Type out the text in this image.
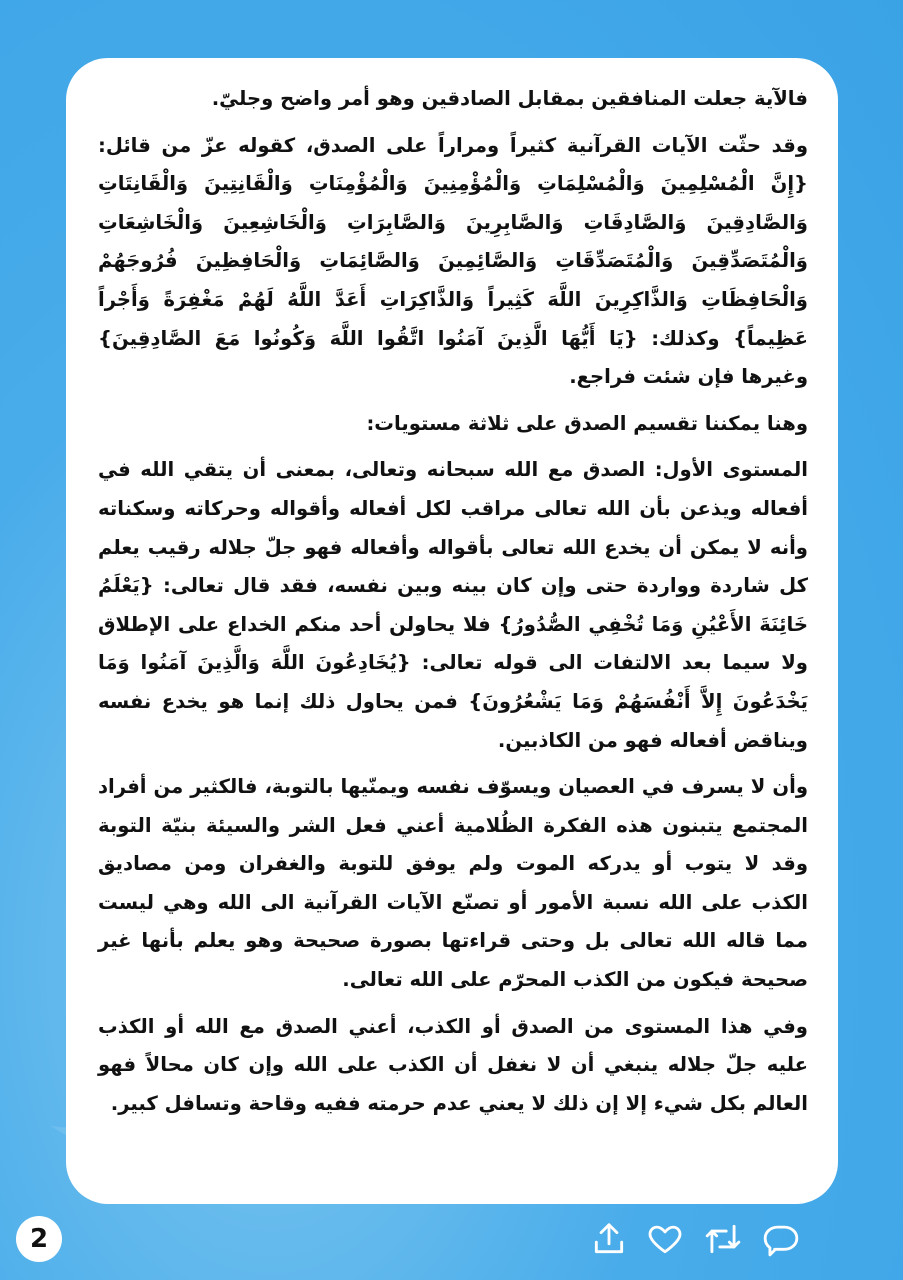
فالآية جعلت المنافقين بمقابل الصادقين وهو أمر واضح وجليّ.

وقد حثّت الآيات القرآنية كثيراً ومراراً على الصدق، كقوله عزّ من قائل: {إِنَّ الْمُسْلِمِينَ وَالْمُسْلِمَاتِ وَالْمُؤْمِنِينَ وَالْمُؤْمِنَاتِ وَالْقَانِتِينَ وَالْقَانِتَاتِ وَالصَّادِقِينَ وَالصَّادِقَاتِ وَالصَّابِرِينَ وَالصَّابِرَاتِ وَالْخَاشِعِينَ وَالْخَاشِعَاتِ وَالْمُتَصَدِّقِينَ وَالْمُتَصَدِّقَاتِ وَالصَّائِمِينَ وَالصَّائِمَاتِ وَالْحَافِظِينَ فُرُوجَهُمْ وَالْحَافِظَاتِ وَالذَّاكِرِينَ اللَّهَ كَثِيراً وَالذَّاكِرَاتِ أَعَدَّ اللَّهُ لَهُمْ مَغْفِرَةً وَأَجْراً عَظِيماً} وكذلك: {يَا أَيُّهَا الَّذِينَ آمَنُوا اتَّقُوا اللَّهَ وَكُونُوا مَعَ الصَّادِقِينَ} وغيرها فإن شئت فراجع.

وهنا يمكننا تقسيم الصدق على ثلاثة مستويات:

المستوى الأول: الصدق مع الله سبحانه وتعالى، بمعنى أن يتقي الله في أفعاله ويذعن بأن الله تعالى مراقب لكل أفعاله وأقواله وحركاته وسكناته وأنه لا يمكن أن يخدع الله تعالى بأقواله وأفعاله فهو جلّ جلاله رقيب يعلم كل شاردة وواردة حتى وإن كان بينه وبين نفسه، فقد قال تعالى: {يَعْلَمُ خَائِنَةَ الأَعْيُنِ وَمَا تُخْفِي الصُّدُورُ} فلا يحاولن أحد منكم الخداع على الإطلاق ولا سيما بعد الالتفات الى قوله تعالى: {يُخَادِعُونَ اللَّهَ وَالَّذِينَ آمَنُوا وَمَا يَخْدَعُونَ إِلاَّ أَنْفُسَهُمْ وَمَا يَشْعُرُونَ} فمن يحاول ذلك إنما هو يخدع نفسه ويناقض أفعاله فهو من الكاذبين.

وأن لا يسرف في العصيان ويسوّف نفسه ويمنّيها بالتوبة، فالكثير من أفراد المجتمع يتبنون هذه الفكرة الظُلامية أعني فعل الشر والسيئة بنيّة التوبة وقد لا يتوب أو يدركه الموت ولم يوفق للتوبة والغفران ومن مصاديق الكذب على الله نسبة الأمور أو تصنّع الآيات القرآنية الى الله وهي ليست مما قاله الله تعالى بل وحتى قراءتها بصورة صحيحة وهو يعلم بأنها غير صحيحة فيكون من الكذب المحرّم على الله تعالى.

وفي هذا المستوى من الصدق أو الكذب، أعني الصدق مع الله أو الكذب عليه جلّ جلاله ينبغي أن لا نغفل أن الكذب على الله وإن كان محالاً فهو العالم بكل شيء إلا إن ذلك لا يعني عدم حرمته ففيه وقاحة وتسافل كبير.

2
